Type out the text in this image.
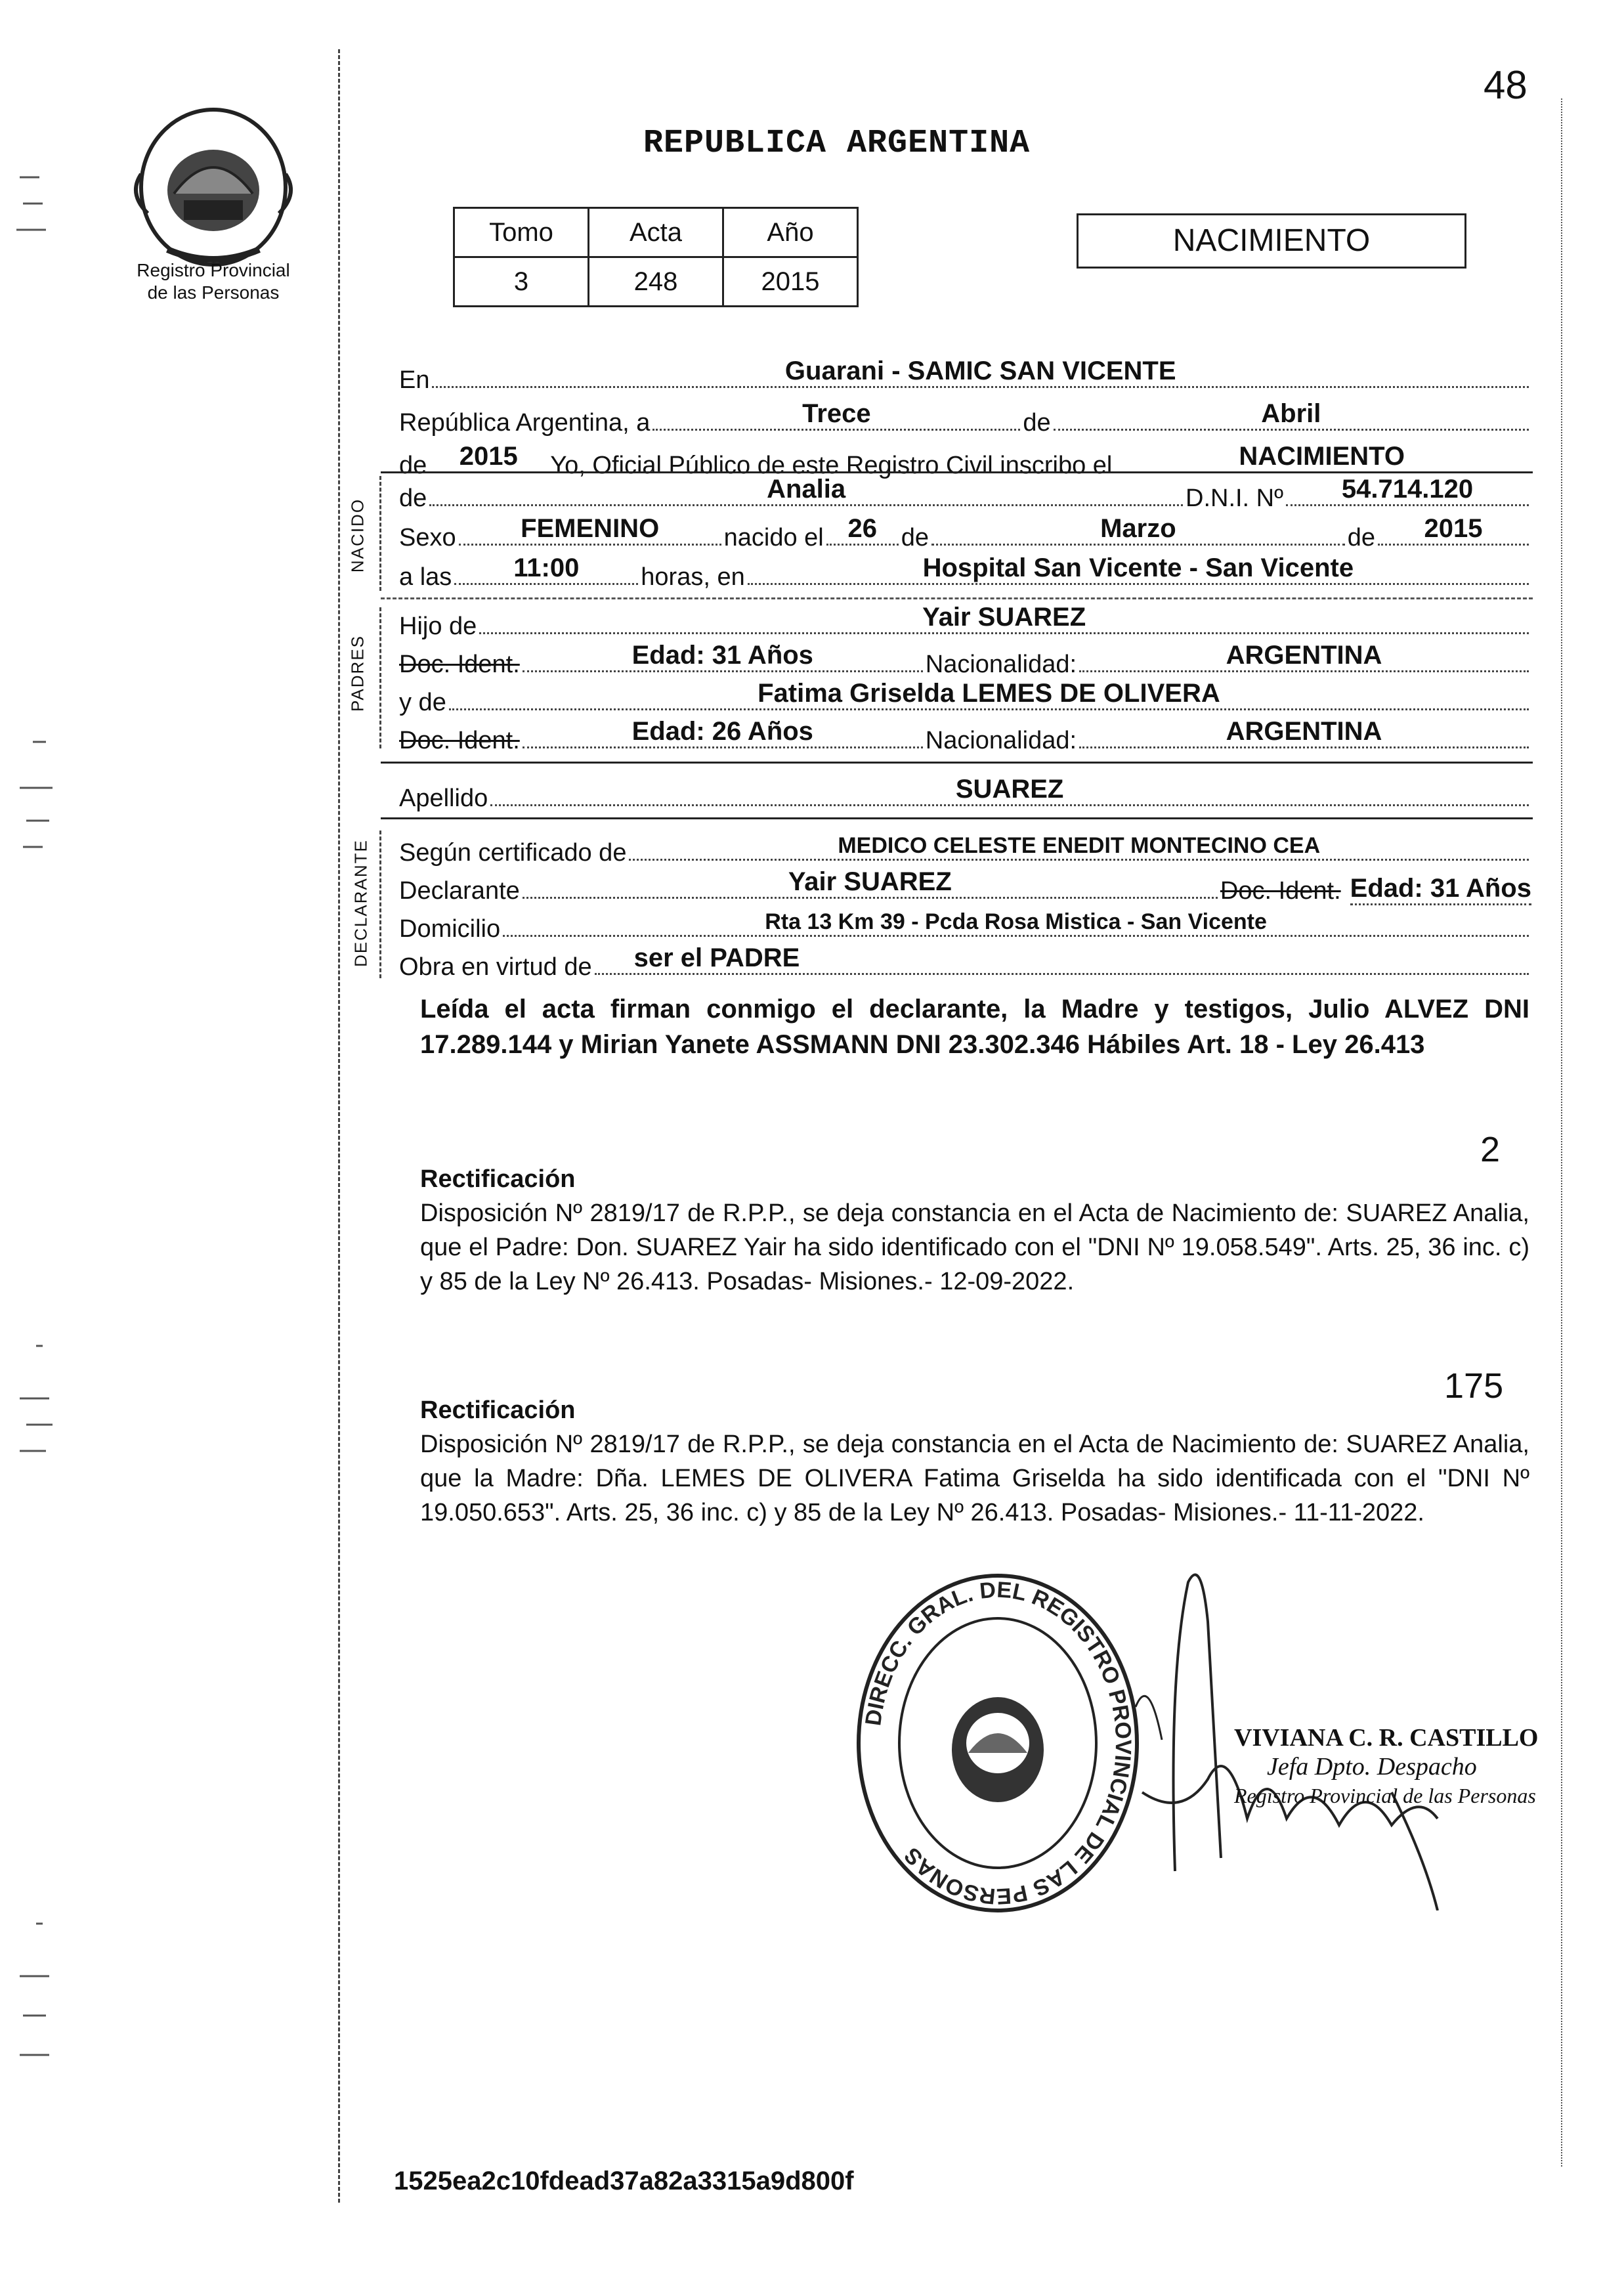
48
Registro Provincial
de las Personas
REPUBLICA ARGENTINA
Tomo	Acta	Año
3	248	2015
NACIMIENTO
En	Guarani - SAMIC SAN VICENTE
República Argentina, a	Trece	de	Abril
de	2015	Yo, Oficial Público de este Registro Civil inscribo el	NACIMIENTO
NACIDO de	Analia	D.N.I. Nº	54.714.120
Sexo	FEMENINO	nacido el 26 de	Marzo	de	2015
a las	11:00	horas, en	Hospital San Vicente - San Vicente
PADRES
Hijo de	Yair SUAREZ
Doc. Ident.	Edad: 31 Años	Nacionalidad:	ARGENTINA
y de	Fatima Griselda LEMES DE OLIVERA
Doc. Ident.	Edad: 26 Años	Nacionalidad:	ARGENTINA
Apellido	SUAREZ
DECLARANTE Según certificado de	MEDICO CELESTE ENEDIT MONTECINO CEA
Declarante	Yair SUAREZ	Doc. Ident. Edad: 31 Años
Domicilio	Rta 13 Km 39 - Pcda Rosa Mistica - San Vicente
Obra en virtud de	ser el PADRE
Leída el acta firman conmigo el declarante, la Madre y testigos, Julio ALVEZ DNI 17.289.144 y Mirian Yanete ASSMANN DNI 23.302.346 Hábiles Art. 18 - Ley 26.413
2
Rectificación
Disposición Nº 2819/17 de R.P.P., se deja constancia en el Acta de Nacimiento de: SUAREZ Analia, que el Padre: Don. SUAREZ Yair ha sido identificado con el "DNI Nº 19.058.549". Arts. 25, 36 inc. c) y 85 de la Ley Nº 26.413. Posadas- Misiones.- 12-09-2022.
175
Rectificación
Disposición Nº 2819/17 de R.P.P., se deja constancia en el Acta de Nacimiento de: SUAREZ Analia, que la Madre: Dña. LEMES DE OLIVERA Fatima Griselda ha sido identificada con el "DNI Nº 19.050.653". Arts. 25, 36 inc. c) y 85 de la Ley Nº 26.413. Posadas- Misiones.- 11-11-2022.
DIRECC. GRAL. DEL REGISTRO PROVINCIAL DE LAS PERSONAS
VIVIANA C. R. CASTILLO
Jefa Dpto. Despacho
Registro Provincial de las Personas
1525ea2c10fdead37a82a3315a9d800f
